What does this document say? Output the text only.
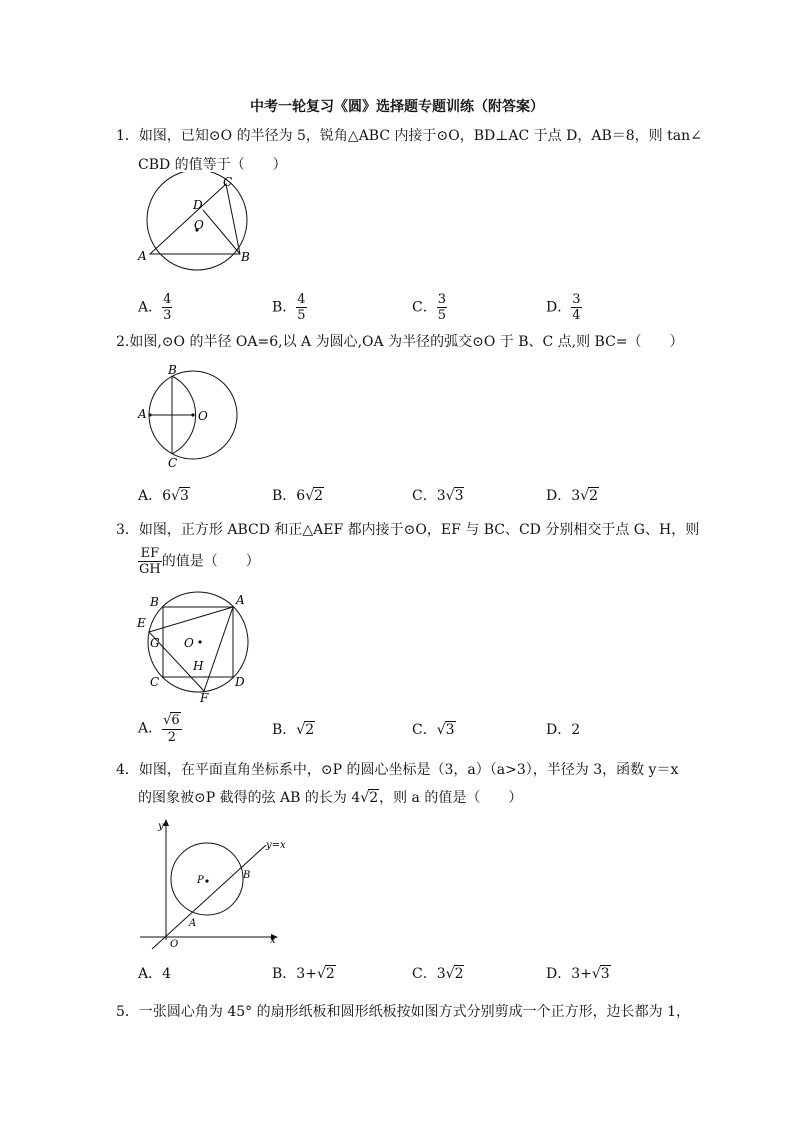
中考一轮复习《圆》选择题专题训练（附答案）
1．如图，已知⊙O 的半径为 5，锐角△ABC 内接于⊙O，BD⊥AC 于点 D，AB＝8，则 tan∠
CBD 的值等于（　　）
A	B
C
D
O
A． $\frac{4}{3}$	B． $\frac{4}{5}$	C． $\frac{3}{5}$	D． $\frac{3}{4}$
2.如图,⊙O 的半径 OA=6,以 A 为圆心,OA 为半径的弧交⊙O 于 B、C 点,则 BC=（　　）
A
B
C
O
A．6√3	B．6√2	C．3√3	D．3√2
3．如图，正方形 ABCD 和正△AEF 都内接于⊙O，EF 与 BC、CD 分别相交于点 G、H，则
$\frac{EF}{GH}$ 的值是（　　）
A
B
C	D
E
F
G
H
O
A． $\frac{√6}{2}$	B．√2	C．√3	D．2
4．如图，在平面直角坐标系中，⊙P 的圆心坐标是（3，a）（a>3），半径为 3，函数 y＝x
的图象被⊙P 截得的弦 AB 的长为 4√2，则 a 的值是（　　）
y
x
O
P
A
B
y=x
A．4	B．3+√2	C．3√2	D．3+√3
5．一张圆心角为 45° 的扇形纸板和圆形纸板按如图方式分别剪成一个正方形，边长都为 1，
